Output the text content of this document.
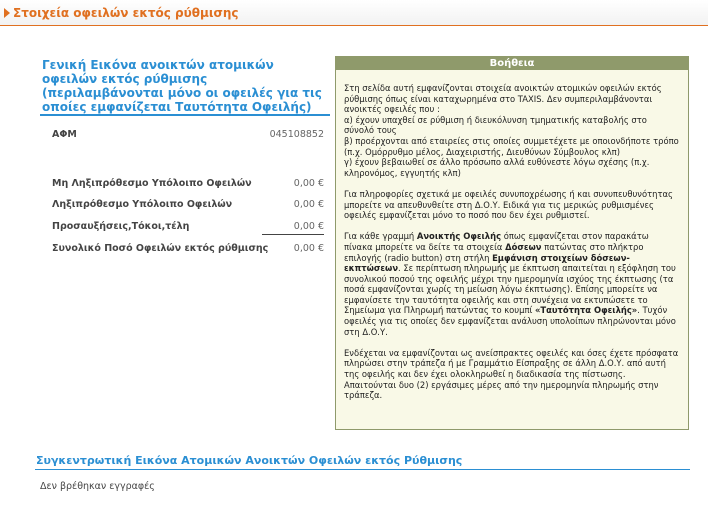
Στοιχεία οφειλών εκτός ρύθμισης
Γενική Εικόνα ανοικτών ατομικών οφειλών εκτός ρύθμισης (περιλαμβάνονται μόνο οι οφειλές για τις οποίες εμφανίζεται Ταυτότητα Οφειλής)
ΑΦΜ	045108852
Μη Ληξιπρόθεσμο Υπόλοιπο Οφειλών	0,00 €
Ληξιπρόθεσμο Υπόλοιπο Οφειλών	0,00 €
Προσαυξήσεις,Τόκοι,τέλη	0,00 €
Συνολικό Ποσό Οφειλών εκτός ρύθμισης	0,00 €
Βοήθεια

Στη σελίδα αυτή εμφανίζονται στοιχεία ανοικτών ατομικών οφειλών εκτός ρύθμισης όπως είναι καταχωρημένα στο TAXIS. Δεν συμπεριλαμβάνονται ανοικτές οφειλές που :

α) έχουν υπαχθεί σε ρύθμιση ή διευκόλυνση τμηματικής καταβολής στο σύνολό τους

β) προέρχονται από εταιρείες στις οποίες συμμετέχετε με οποιονδήποτε τρόπο (π.χ. Ομόρρυθμο μέλος, Διαχειριστής, Διευθύνων Σύμβουλος κλπ)

γ) έχουν βεβαιωθεί σε άλλο πρόσωπο αλλά ευθύνεστε λόγω σχέσης (π.χ. κληρονόμος, εγγυητής κλπ)

Για πληροφορίες σχετικά με οφειλές συνυποχρέωσης ή και συνυπευθυνότητας μπορείτε να απευθυνθείτε στη Δ.Ο.Υ. Ειδικά για τις μερικώς ρυθμισμένες οφειλές εμφανίζεται μόνο το ποσό που δεν έχει ρυθμιστεί.

Για κάθε γραμμή Ανοικτής Οφειλής όπως εμφανίζεται στον παρακάτω πίνακα μπορείτε να δείτε τα στοιχεία Δόσεων πατώντας στο πλήκτρο επιλογής (radio button) στη στήλη Εμφάνιση στοιχείων δόσεων-εκπτώσεων. Σε περίπτωση πληρωμής με έκπτωση απαιτείται η εξόφληση του συνολικού ποσού της οφειλής μέχρι την ημερομηνία ισχύος της έκπτωσης (τα ποσά εμφανίζονται χωρίς τη μείωση λόγω έκπτωσης). Επίσης μπορείτε να εμφανίσετε την ταυτότητα οφειλής και στη συνέχεια να εκτυπώσετε το Σημείωμα για Πληρωμή πατώντας το κουμπί «Ταυτότητα Οφειλής». Τυχόν οφειλές για τις οποίες δεν εμφανίζεται ανάλυση υπολοίπων πληρώνονται μόνο στη Δ.Ο.Υ.

Ενδέχεται να εμφανίζονται ως ανείσπρακτες οφειλές και όσες έχετε πρόσφατα πληρώσει στην τράπεζα ή με Γραμμάτιο Είσπραξης σε άλλη Δ.Ο.Υ. από αυτή της οφειλής και δεν έχει ολοκληρωθεί η διαδικασία της πίστωσης. Απαιτούνται δυο (2) εργάσιμες μέρες από την ημερομηνία πληρωμής στην τράπεζα.

Συγκεντρωτική Εικόνα Ατομικών Ανοικτών Οφειλών εκτός Ρύθμισης
Δεν βρέθηκαν εγγραφές
